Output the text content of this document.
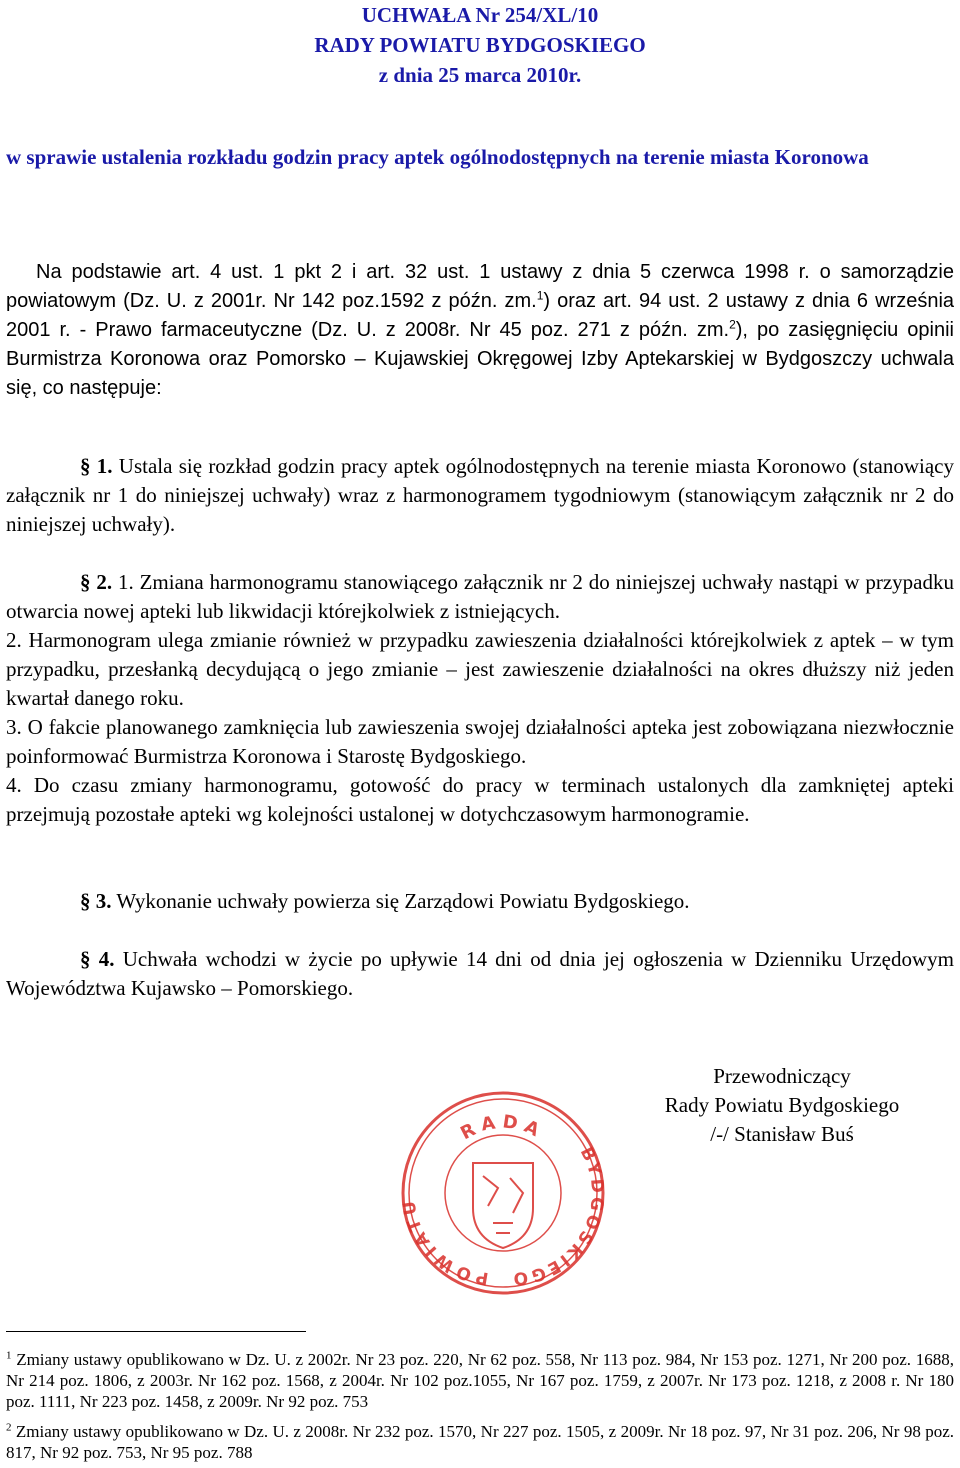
UCHWAŁA Nr 254/XL/10
RADY POWIATU BYDGOSKIEGO
z dnia 25 marca 2010r.
w sprawie ustalenia rozkładu godzin pracy aptek ogólnodostępnych na terenie miasta Koronowa
Na podstawie art. 4 ust. 1 pkt 2 i art. 32 ust. 1 ustawy z dnia 5 czerwca 1998 r. o samorządzie powiatowym (Dz. U. z 2001r. Nr 142 poz.1592 z późn. zm.$^1$) oraz art. 94 ust. 2 ustawy z dnia 6 września 2001 r. - Prawo farmaceutyczne (Dz. U. z 2008r. Nr 45 poz. 271 z późn. zm.$^2$), po zasięgnięciu opinii Burmistrza Koronowa oraz Pomorsko – Kujawskiej Okręgowej Izby Aptekarskiej w Bydgoszczy uchwala się, co następuje:
§ 1. Ustala się rozkład godzin pracy aptek ogólnodostępnych na terenie miasta Koronowo (stanowiący załącznik nr 1 do niniejszej uchwały) wraz z harmonogramem tygodniowym (stanowiącym załącznik nr 2 do niniejszej uchwały).
§ 2. 1. Zmiana harmonogramu stanowiącego załącznik nr 2 do niniejszej uchwały nastąpi w przypadku otwarcia nowej apteki lub likwidacji którejkolwiek z istniejących.
2. Harmonogram ulega zmianie również w przypadku zawieszenia działalności którejkolwiek z aptek – w tym przypadku, przesłanką decydującą o jego zmianie – jest zawieszenie działalności na okres dłuższy niż jeden kwartał danego roku.
3. O fakcie planowanego zamknięcia lub zawieszenia swojej działalności apteka jest zobowiązana niezwłocznie poinformować Burmistrza Koronowa i Starostę Bydgoskiego.
4. Do czasu zmiany harmonogramu, gotowość do pracy w terminach ustalonych dla zamkniętej apteki przejmują pozostałe apteki wg kolejności ustalonej w dotychczasowym harmonogramie.
§ 3. Wykonanie uchwały powierza się Zarządowi Powiatu Bydgoskiego.
§ 4. Uchwała wchodzi w życie po upływie 14 dni od dnia jej ogłoszenia w Dzienniku Urzędowym Województwa Kujawsko – Pomorskiego.
Przewodniczący
Rady Powiatu Bydgoskiego
/-/ Stanisław Buś
RADA
POWIATU
BYDGOSKIEGO
$^1$ Zmiany ustawy opublikowano w Dz. U. z 2002r. Nr 23 poz. 220, Nr 62 poz. 558, Nr 113 poz. 984, Nr 153 poz. 1271, Nr 200 poz. 1688, Nr 214 poz. 1806, z 2003r. Nr 162 poz. 1568, z 2004r. Nr 102 poz.1055, Nr 167 poz. 1759, z 2007r. Nr 173 poz. 1218, z 2008 r. Nr 180 poz. 1111, Nr 223 poz. 1458, z 2009r. Nr 92 poz. 753
$^2$ Zmiany ustawy opublikowano w Dz. U. z 2008r. Nr 232 poz. 1570, Nr 227 poz. 1505, z 2009r. Nr 18 poz. 97, Nr 31 poz. 206, Nr 98 poz. 817, Nr 92 poz. 753, Nr 95 poz. 788
